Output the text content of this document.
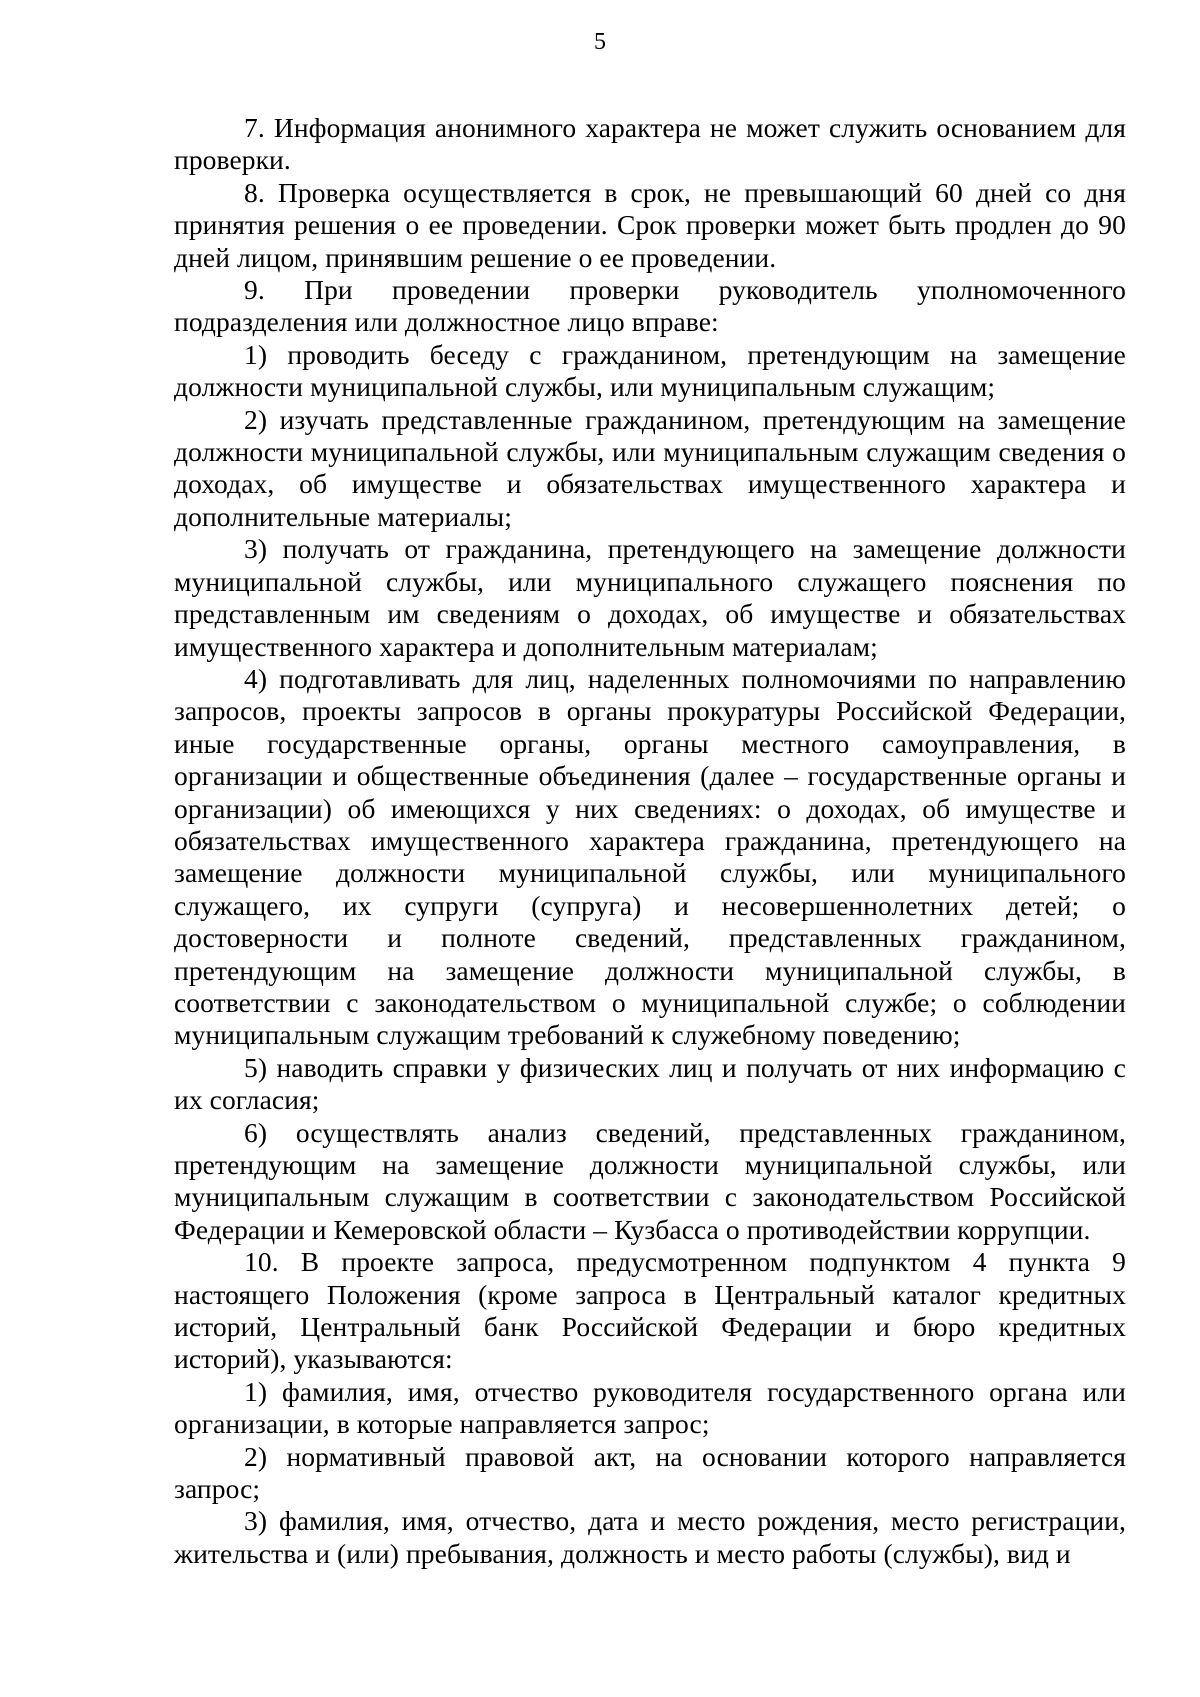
5

7. Информация анонимного характера не может служить основанием для проверки.

8. Проверка осуществляется в срок, не превышающий 60 дней со дня принятия решения о ее проведении. Срок проверки может быть продлен до 90 дней лицом, принявшим решение о ее проведении.

9. При проведении проверки руководитель уполномоченного подразделения или должностное лицо вправе:

1) проводить беседу с гражданином, претендующим на замещение должности муниципальной службы, или муниципальным служащим;

2) изучать представленные гражданином, претендующим на замещение должности муниципальной службы, или муниципальным служащим сведения о доходах, об имуществе и обязательствах имущественного характера и дополнительные материалы;

3) получать от гражданина, претендующего на замещение должности муниципальной службы, или муниципального служащего пояснения по представленным им сведениям о доходах, об имуществе и обязательствах имущественного характера и дополнительным материалам;

4) подготавливать для лиц, наделенных полномочиями по направлению запросов, проекты запросов в органы прокуратуры Российской Федерации, иные государственные органы, органы местного самоуправления, в организации и общественные объединения (далее – государственные органы и организации) об имеющихся у них сведениях: о доходах, об имуществе и обязательствах имущественного характера гражданина, претендующего на замещение должности муниципальной службы, или муниципального служащего, их супруги (супруга) и несовершеннолетних детей; о достоверности и полноте сведений, представленных гражданином, претендующим на замещение должности муниципальной службы, в соответствии с законодательством о муниципальной службе; о соблюдении муниципальным служащим требований к служебному поведению;

5) наводить справки у физических лиц и получать от них информацию с их согласия;

6) осуществлять анализ сведений, представленных гражданином, претендующим на замещение должности муниципальной службы, или муниципальным служащим в соответствии с законодательством Российской Федерации и Кемеровской области – Кузбасса о противодействии коррупции.

10. В проекте запроса, предусмотренном подпунктом 4 пункта 9 настоящего Положения (кроме запроса в Центральный каталог кредитных историй, Центральный банк Российской Федерации и бюро кредитных историй), указываются:

1) фамилия, имя, отчество руководителя государственного органа или организации, в которые направляется запрос;

2) нормативный правовой акт, на основании которого направляется запрос;

3) фамилия, имя, отчество, дата и место рождения, место регистрации, жительства и (или) пребывания, должность и место работы (службы), вид и
